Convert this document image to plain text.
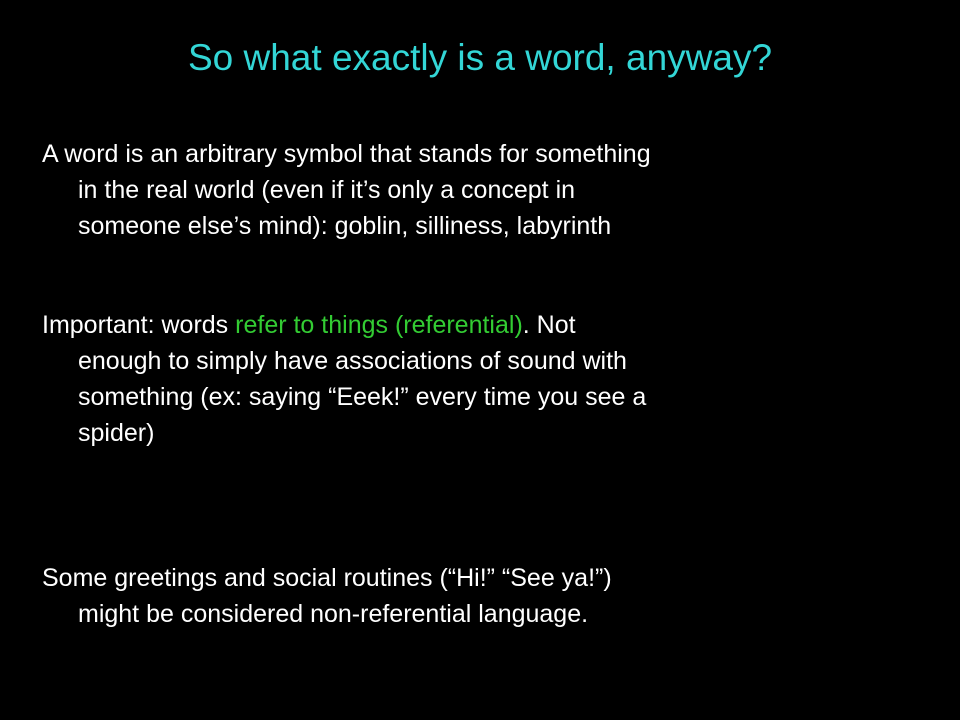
So what exactly is a word, anyway?

A word is an arbitrary symbol that stands for something
in the real world (even if it’s only a concept in
someone else’s mind): goblin, silliness, labyrinth

Important: words refer to things (referential). Not
enough to simply have associations of sound with
something (ex: saying “Eeek!” every time you see a
spider)

Some greetings and social routines (“Hi!” “See ya!”)
might be considered non-referential language.
